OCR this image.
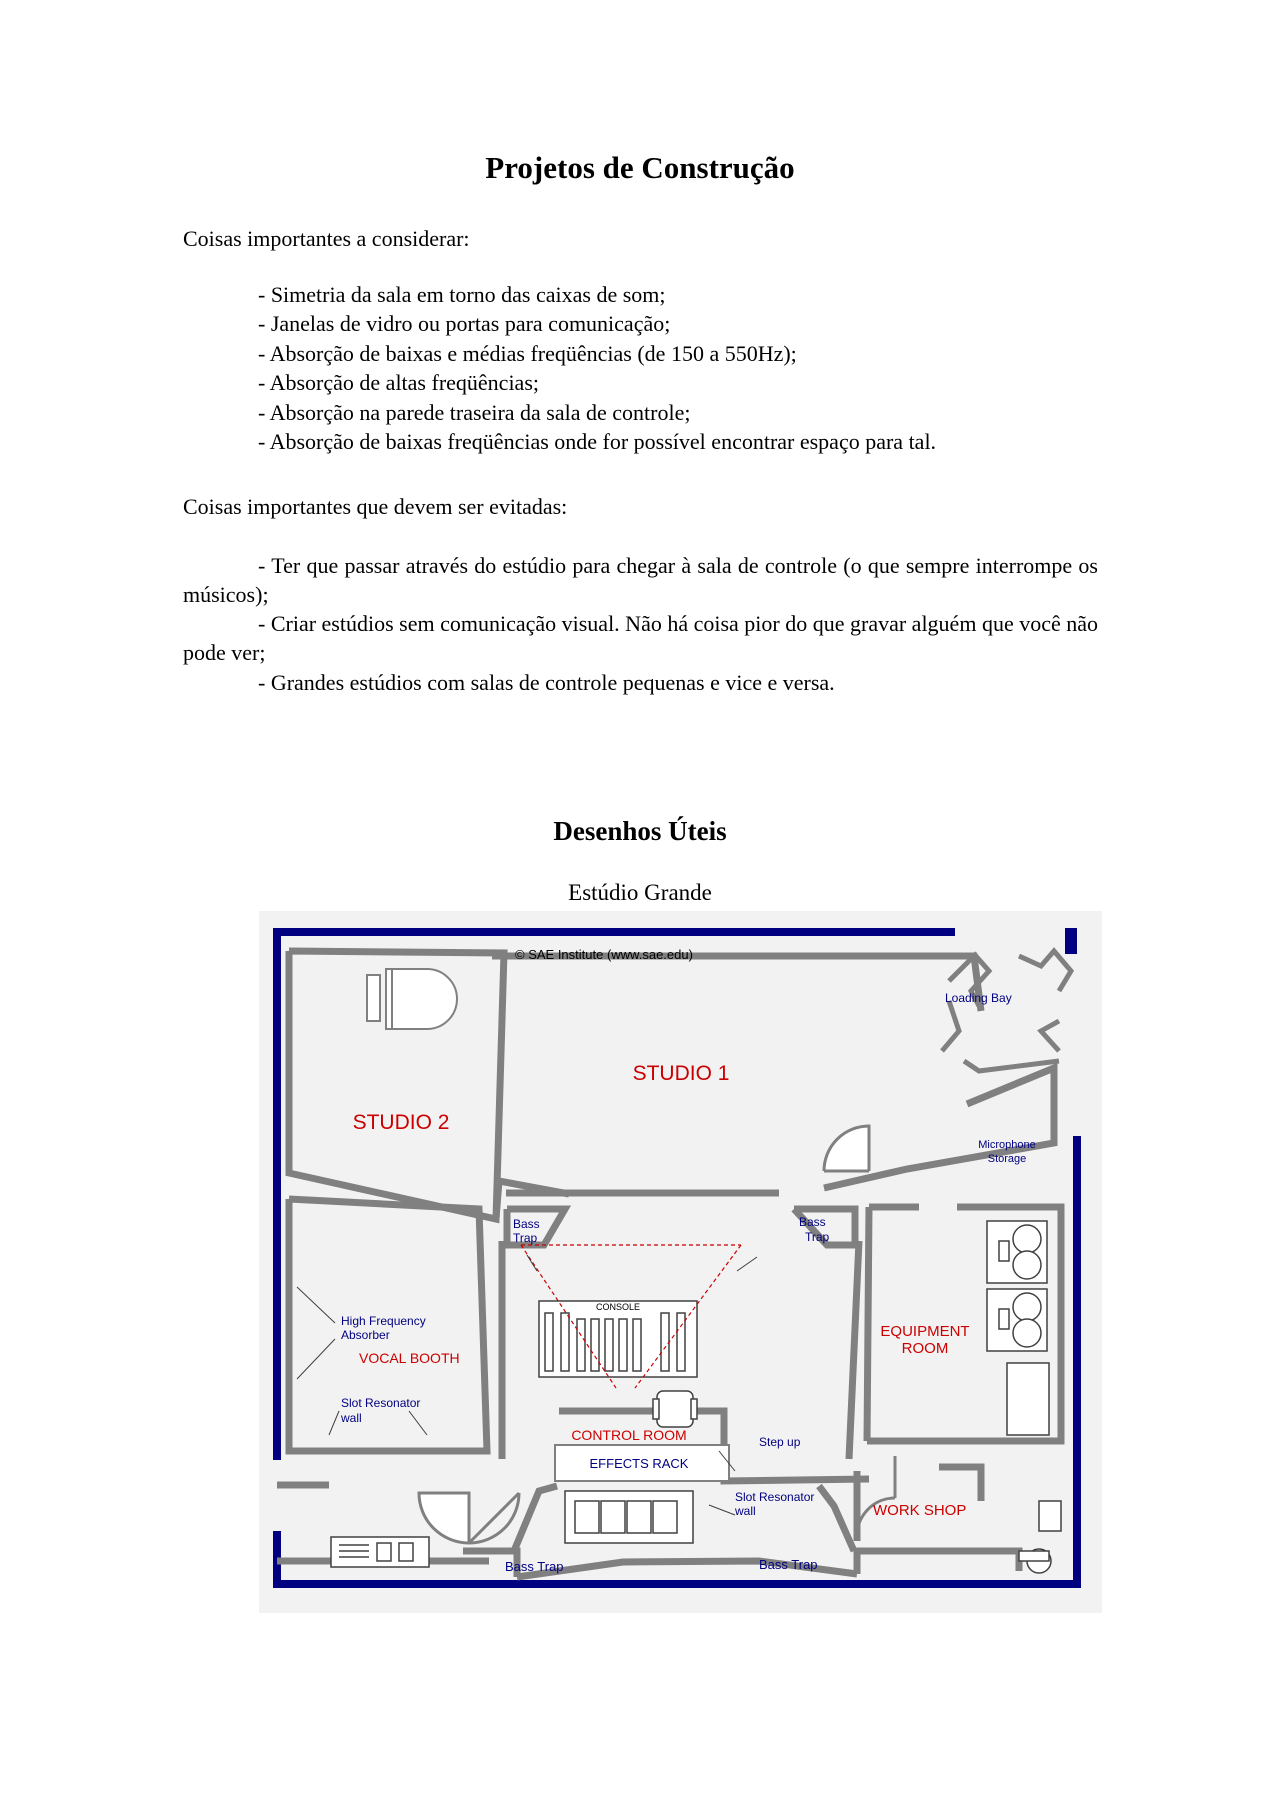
Projetos de Construção

Coisas importantes a considerar:

- Simetria da sala em torno das caixas de som;
- Janelas de vidro ou portas para comunicação;
- Absorção de baixas e médias freqüências (de 150 a 550Hz);
- Absorção de altas freqüências;
- Absorção na parede traseira da sala de controle;
- Absorção de baixas freqüências onde for possível encontrar espaço para tal.

Coisas importantes que devem ser evitadas:

- Ter que passar através do estúdio para chegar à sala de controle (o que sempre interrompe os músicos);

- Criar estúdios sem comunicação visual. Não há coisa pior do que gravar alguém que você não pode ver;

- Grandes estúdios com salas de controle pequenas e vice e versa.

Desenhos Úteis

Estúdio Grande

© SAE Institute (www.sae.edu)
STUDIO 1
STUDIO 2
Loading Bay
Microphone
Storage
Bass
Trap
Bass
Trap
CONSOLE
EQUIPMENT
ROOM
High Frequency
Absorber
VOCAL BOOTH
Slot Resonator
wall
CONTROL ROOM	Step up
EFFECTS RACK
Slot Resonator
wall	WORK SHOP
Bass Trap	Bass Trap
